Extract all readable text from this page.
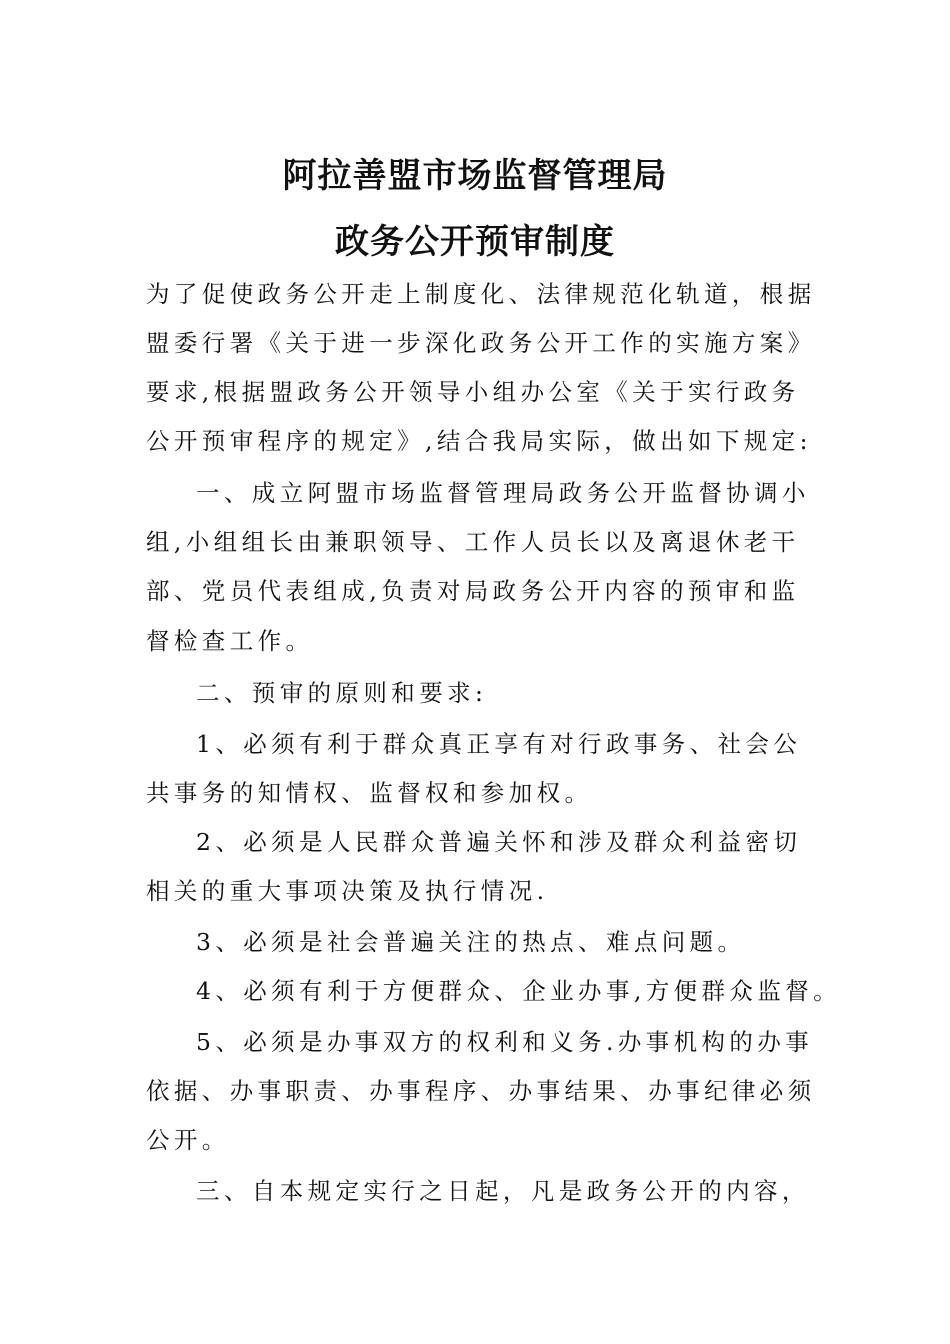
阿拉善盟市场监督管理局
政务公开预审制度
为了促使政务公开走上制度化、法律规范化轨道，根据
盟委行署《关于进一步深化政务公开工作的实施方案》
要求,根据盟政务公开领导小组办公室《关于实行政务
公开预审程序的规定》,结合我局实际，做出如下规定:
一、成立阿盟市场监督管理局政务公开监督协调小
组,小组组长由兼职领导、工作人员长以及离退休老干
部、党员代表组成,负责对局政务公开内容的预审和监
督检查工作。
二、预审的原则和要求:
1、必须有利于群众真正享有对行政事务、社会公
共事务的知情权、监督权和参加权。
2、必须是人民群众普遍关怀和涉及群众利益密切
相关的重大事项决策及执行情况.
3、必须是社会普遍关注的热点、难点问题。
4、必须有利于方便群众、企业办事,方便群众监督。
5、必须是办事双方的权利和义务.办事机构的办事
依据、办事职责、办事程序、办事结果、办事纪律必须
公开。
三、自本规定实行之日起，凡是政务公开的内容，
